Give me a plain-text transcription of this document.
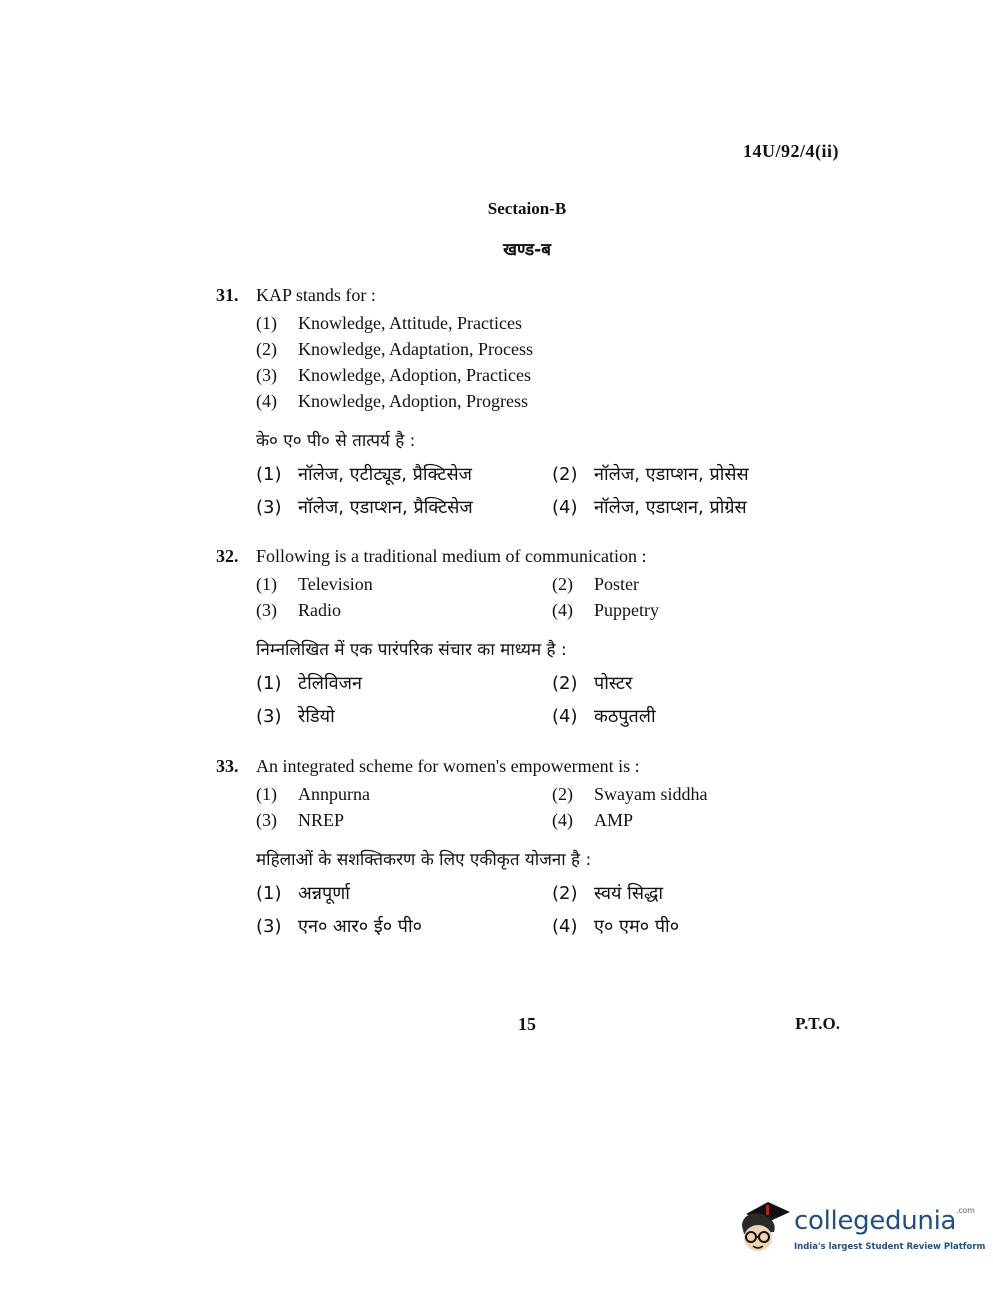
14U/92/4(ii)
Sectaion-B
खण्ड-ब
31. KAP stands for :
(1) Knowledge, Attitude, Practices
(2) Knowledge, Adaptation, Process
(3) Knowledge, Adoption, Practices
(4) Knowledge, Adoption, Progress
के० ए० पी० से तात्पर्य है :
(1) नॉलेज, एटीट्यूड, प्रैक्टिसेज	(2) नॉलेज, एडाप्शन, प्रोसेस
(3) नॉलेज, एडाप्शन, प्रैक्टिसेज	(4) नॉलेज, एडाप्शन, प्रोग्रेस
32. Following is a traditional medium of communication :
(1) Television	(2) Poster
(3) Radio	(4) Puppetry
निम्नलिखित में एक पारंपरिक संचार का माध्यम है :
(1) टेलिविजन	(2) पोस्टर
(3) रेडियो	(4) कठपुतली
33. An integrated scheme for women's empowerment is :
(1) Annpurna	(2) Swayam siddha
(3) NREP	(4) AMP
महिलाओं के सशक्तिकरण के लिए एकीकृत योजना है :
(1) अन्नपूर्णा	(2) स्वयं सिद्धा
(3) एन० आर० ई० पी०	(4) ए० एम० पी०
15	P.T.O.
collegedunia$^{.com}$
India's largest Student Review Platform
